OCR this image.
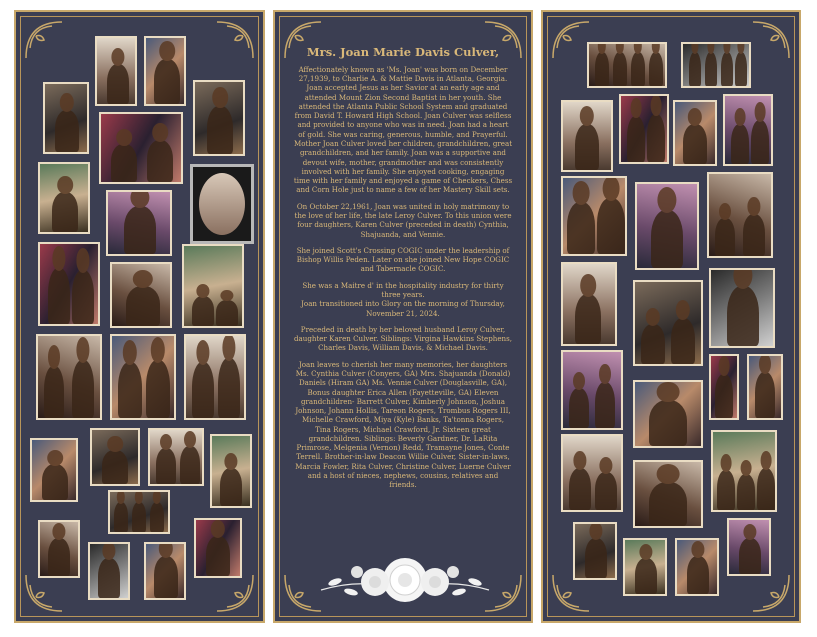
Mrs. Joan Marie Davis Culver,

Affectionately known as 'Ms. Joan' was born on December 27,1939, to Charlie A. & Mattie Davis in Atlanta, Georgia. Joan accepted Jesus as her Savior at an early age and attended Mount Zion Second Baptist in her youth. She attended the Atlanta Public School System and graduated from David T. Howard High School. Joan Culver was selfless and provided to anyone who was in need. Joan had a heart of gold. She was caring, generous, humble, and Prayerful. Mother Joan Culver loved her children, grandchildren, great grandchildren, and her family. Joan was a supportive and devout wife, mother, grandmother and was consistently involved with her family. She enjoyed cooking, engaging time with her family and enjoyed a game of Checkers, Chess and Corn Hole just to name a few of her Mastery Skill sets.

On October 22,1961, Joan was united in holy matrimony to the love of her life, the late Leroy Culver. To this union were four daughters, Karen Culver (preceded in death) Cynthia, Shajuanda, and Vennie.

She joined Scott's Crossing COGIC under the leadership of Bishop Willis Peden. Later on she joined New Hope COGIC and Tabernacle COGIC.

She was a Maitre d' in the hospitality industry for thirty three years.

Joan transitioned into Glory on the morning of Thursday, November 21, 2024.

Preceded in death by her beloved husband Leroy Culver, daughter Karen Culver. Siblings: Virgina Hawkins Stephens, Charles Davis, William Davis, & Michael Davis.

Joan leaves to cherish her many memories, her daughters Ms. Cynthia Culver (Conyers, GA) Mrs. Shajuanda (Donald) Daniels (Hiram GA) Ms. Vennie Culver (Douglasville, GA), Bonus daughter Erica Allen (Fayetteville, GA) Eleven grandchildren- Barrett Culver, Kimberly Johnson, Joshua Johnson, Johann Hollis, Tareon Rogers, Trombus Rogers III, Michelle Crawford, Miya (Kyle) Banks, Ta'tonna Rogers, Tina Rogers, Michael Crawford, Jr. Sixteen great grandchildren. Siblings: Beverly Gardner, Dr. LaRita Primrose, Melgenia (Vernon) Redd, Tramayne Jones, Conte Terrell. Brother-in-law Deacon Willie Culver, Sister-in-laws, Marcia Fowler, Rita Culver, Christine Culver, Luerne Culver and a host of nieces, nephews, cousins, relatives and friends.
